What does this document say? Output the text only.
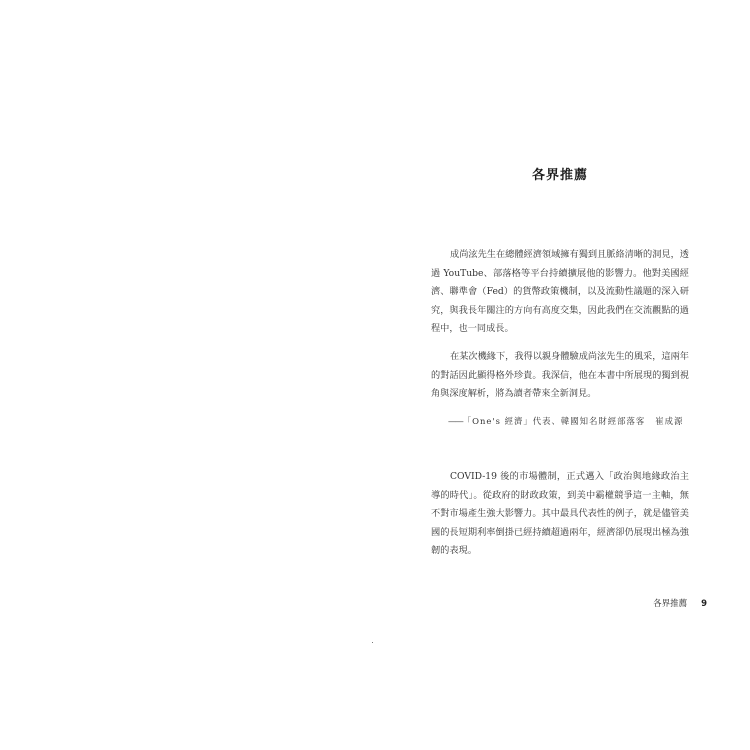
各界推薦

成尚泫先生在總體經濟領域擁有獨到且脈絡清晰的洞見，透過 YouTube、部落格等平台持續擴展他的影響力。他對美國經濟、聯準會（Fed）的貨幣政策機制，以及流動性議題的深入研究，與我長年關注的方向有高度交集，因此我們在交流觀點的過程中，也一同成長。

在某次機緣下，我得以親身體驗成尚泫先生的風采，這兩年的對話因此顯得格外珍貴。我深信，他在本書中所展現的獨到視角與深度解析，將為讀者帶來全新洞見。

——「One's 經濟」代表、韓國知名財經部落客 崔成源

COVID-19 後的市場體制，正式邁入「政治與地緣政治主導的時代」。從政府的財政政策，到美中霸權競爭這一主軸，無不對市場產生強大影響力。其中最具代表性的例子，就是儘管美國的長短期利率倒掛已經持續超過兩年，經濟卻仍展現出極為強韌的表現。

各界推薦 9
